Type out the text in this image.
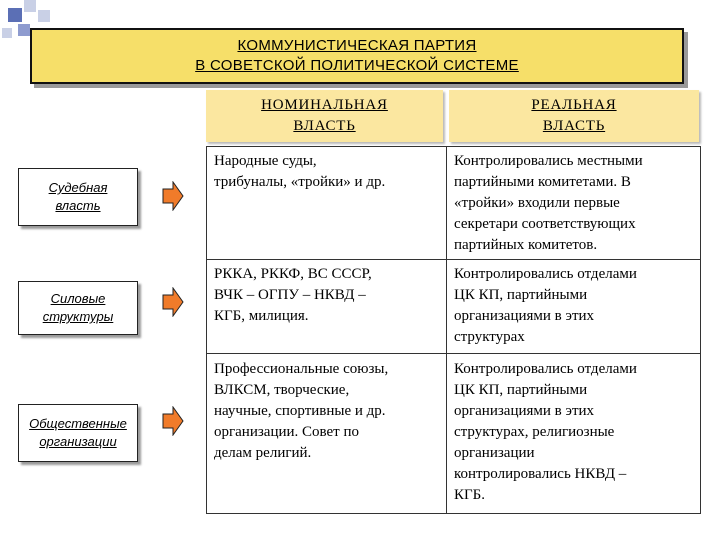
КОММУНИСТИЧЕСКАЯ ПАРТИЯ
В СОВЕТСКОЙ ПОЛИТИЧЕСКОЙ СИСТЕМЕ
НОМИНАЛЬНАЯ
ВЛАСТЬ
РЕАЛЬНАЯ
ВЛАСТЬ
Судебная
власть
Народные суды,
трибуналы, «тройки» и др.
Контролировались местными
партийными комитетами. В
«тройки» входили первые
секретари соответствующих
партийных комитетов.
Силовые
структуры
РККА, РККФ, ВС СССР,
ВЧК – ОГПУ – НКВД –
КГБ, милиция.
Контролировались отделами
ЦК КП, партийными
организациями в этих
структурах
Общественные
организации
Профессиональные союзы,
ВЛКСМ, творческие,
научные, спортивные и др.
организации. Совет по
делам религий.
Контролировались отделами
ЦК КП, партийными
организациями в этих
структурах, религиозные
организации
контролировались НКВД –
КГБ.
